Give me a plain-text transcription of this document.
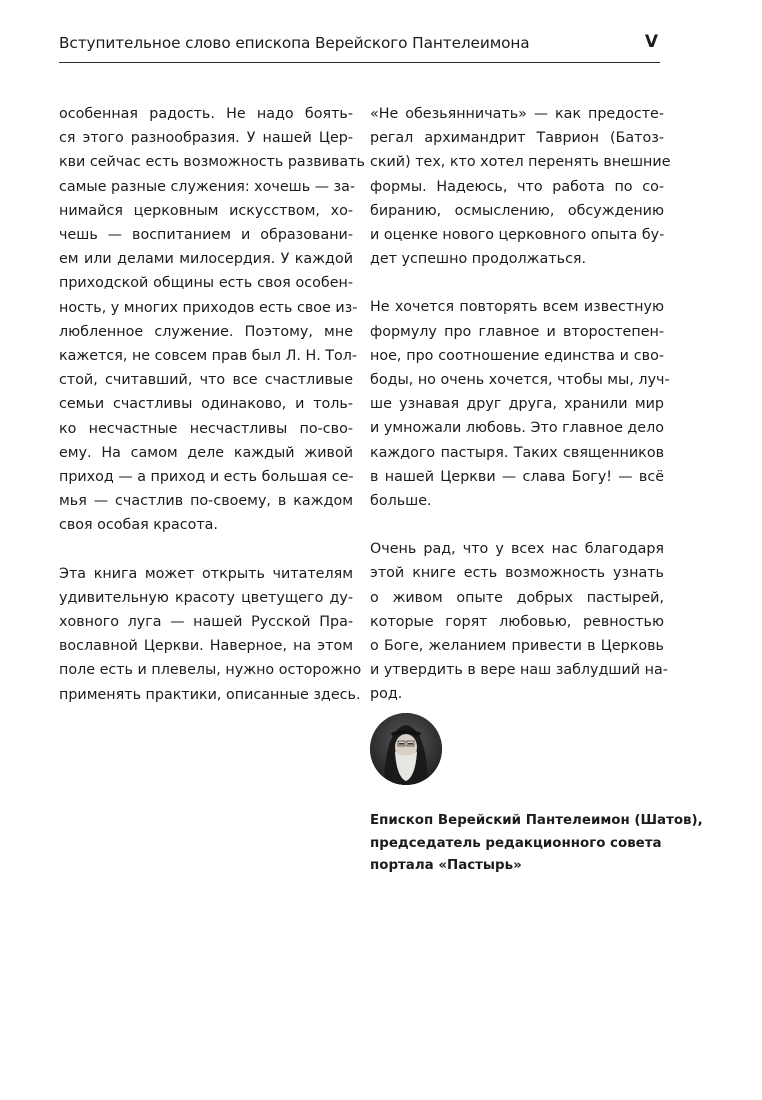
Вступительное слово епископа Верейского Пантелеимона	V

особенная радость. Не надо боять-
ся этого разнообразия. У нашей Цер-
кви сейчас есть возможность развивать
самые разные служения: хочешь — за-
нимайся церковным искусством, хо-
чешь — воспитанием и образовани-
ем или делами милосердия. У каждой
приходской общины есть своя особен-
ность, у многих приходов есть свое из-
любленное служение. Поэтому, мне
кажется, не совсем прав был Л. Н. Тол-
стой, считавший, что все счастливые
семьи счастливы одинаково, и толь-
ко несчастные несчастливы по-сво-
ему. На самом деле каждый живой
приход — а приход и есть большая се-
мья — счастлив по-своему, в каждом
своя особая красота.

Эта книга может открыть читателям
удивительную красоту цветущего ду-
ховного луга — нашей Русской Пра-
вославной Церкви. Наверное, на этом
поле есть и плевелы, нужно осторожно
применять практики, описанные здесь.

«Не обезьянничать» — как предосте-
регал архимандрит Таврион (Батоз-
ский) тех, кто хотел перенять внешние
формы. Надеюсь, что работа по со-
биранию, осмыслению, обсуждению
и оценке нового церковного опыта бу-
дет успешно продолжаться.

Не хочется повторять всем известную
формулу про главное и второстепен-
ное, про соотношение единства и сво-
боды, но очень хочется, чтобы мы, луч-
ше узнавая друг друга, хранили мир
и умножали любовь. Это главное дело
каждого пастыря. Таких священников
в нашей Церкви — слава Богу! — всё
больше.

Очень рад, что у всех нас благодаря
этой книге есть возможность узнать
о живом опыте добрых пастырей,
которые горят любовью, ревностью
о Боге, желанием привести в Церковь
и утвердить в вере наш заблудший на-
род.

Епископ Верейский Пантелеимон (Шатов),
председатель редакционного совета
портала «Пастырь»
